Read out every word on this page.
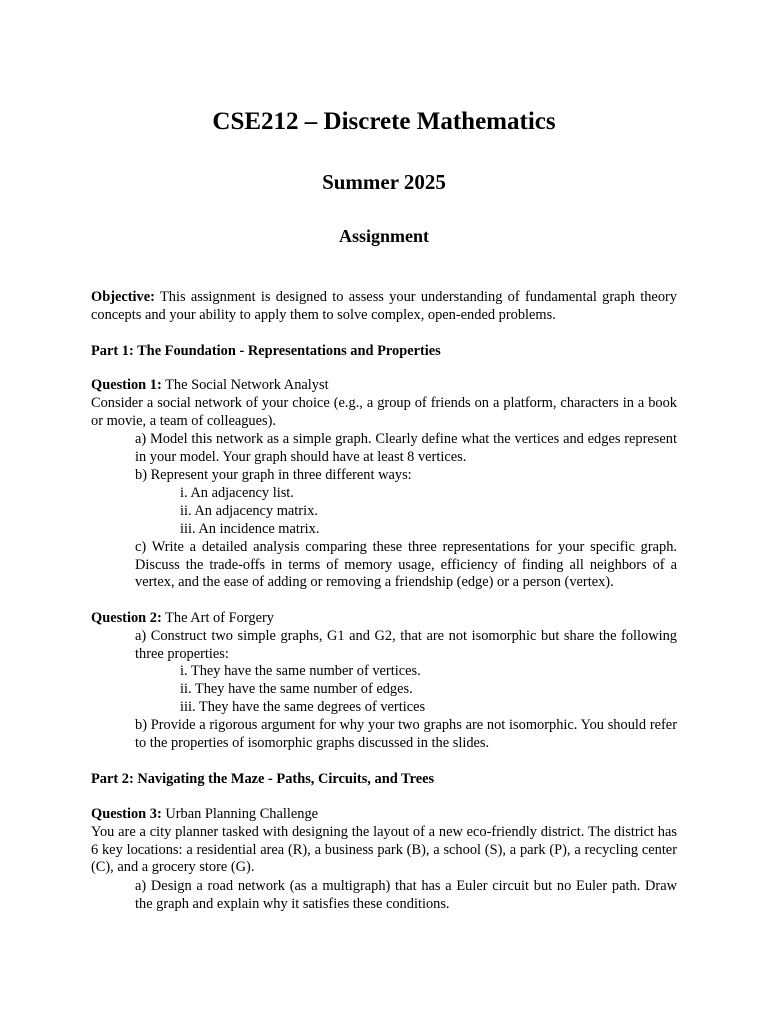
CSE212 – Discrete Mathematics
Summer 2025
Assignment

Objective: This assignment is designed to assess your understanding of fundamental graph theory concepts and your ability to apply them to solve complex, open-ended problems.

Part 1: The Foundation - Representations and Properties

Question 1: The Social Network Analyst

Consider a social network of your choice (e.g., a group of friends on a platform, characters in a book or movie, a team of colleagues).

a) Model this network as a simple graph. Clearly define what the vertices and edges represent in your model. Your graph should have at least 8 vertices.

b) Represent your graph in three different ways:

i. An adjacency list.

ii. An adjacency matrix.

iii. An incidence matrix.

c) Write a detailed analysis comparing these three representations for your specific graph. Discuss the trade-offs in terms of memory usage, efficiency of finding all neighbors of a vertex, and the ease of adding or removing a friendship (edge) or a person (vertex).

Question 2: The Art of Forgery

a) Construct two simple graphs, G1 and G2, that are not isomorphic but share the following three properties:

i. They have the same number of vertices.

ii. They have the same number of edges.

iii. They have the same degrees of vertices

b) Provide a rigorous argument for why your two graphs are not isomorphic. You should refer to the properties of isomorphic graphs discussed in the slides.

Part 2: Navigating the Maze - Paths, Circuits, and Trees

Question 3: Urban Planning Challenge

You are a city planner tasked with designing the layout of a new eco-friendly district. The district has 6 key locations: a residential area (R), a business park (B), a school (S), a park (P), a recycling center (C), and a grocery store (G).

a) Design a road network (as a multigraph) that has a Euler circuit but no Euler path. Draw the graph and explain why it satisfies these conditions.
